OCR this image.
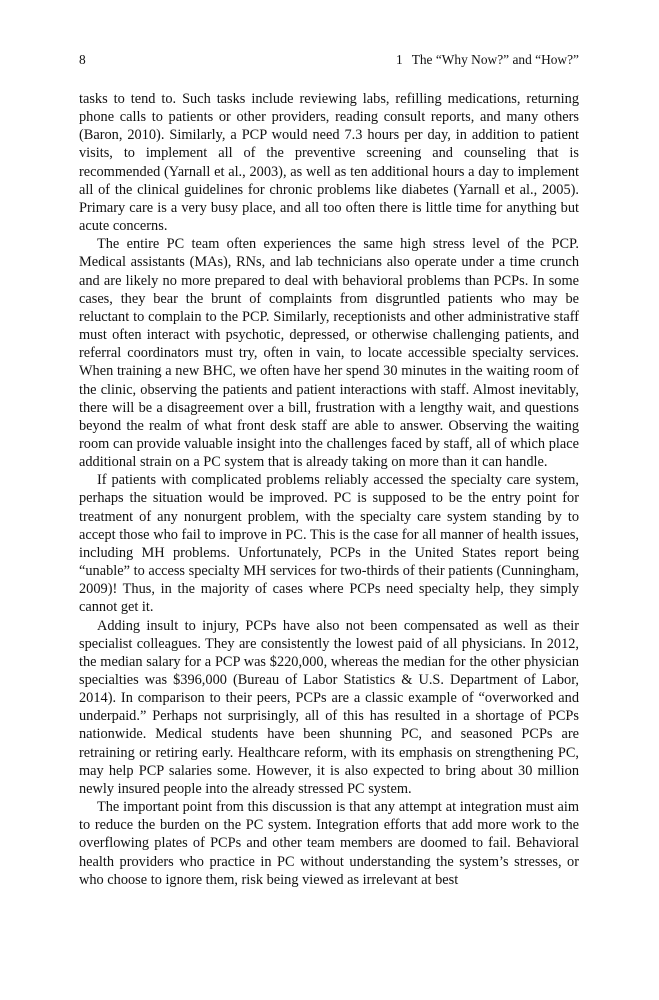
8	1 The “Why Now?” and “How?”

tasks to tend to. Such tasks include reviewing labs, refilling medications, returning phone calls to patients or other providers, reading consult reports, and many others (Baron, 2010). Similarly, a PCP would need 7.3 hours per day, in addition to patient visits, to implement all of the preventive screening and counseling that is recommended (Yarnall et al., 2003), as well as ten additional hours a day to implement all of the clinical guidelines for chronic problems like diabetes (Yarnall et al., 2005). Primary care is a very busy place, and all too often there is little time for anything but acute concerns.

The entire PC team often experiences the same high stress level of the PCP. Medical assistants (MAs), RNs, and lab technicians also operate under a time crunch and are likely no more prepared to deal with behavioral problems than PCPs. In some cases, they bear the brunt of complaints from disgruntled patients who may be reluctant to complain to the PCP. Similarly, receptionists and other administrative staff must often interact with psychotic, depressed, or otherwise challenging patients, and referral coordinators must try, often in vain, to locate accessible specialty services. When training a new BHC, we often have her spend 30 minutes in the waiting room of the clinic, observing the patients and patient interactions with staff. Almost inevitably, there will be a disagreement over a bill, frustration with a lengthy wait, and questions beyond the realm of what front desk staff are able to answer. Observing the waiting room can provide valuable insight into the challenges faced by staff, all of which place additional strain on a PC system that is already taking on more than it can handle.

If patients with complicated problems reliably accessed the specialty care system, perhaps the situation would be improved. PC is supposed to be the entry point for treatment of any nonurgent problem, with the specialty care system standing by to accept those who fail to improve in PC. This is the case for all manner of health issues, including MH problems. Unfortunately, PCPs in the United States report being “unable” to access specialty MH services for two-thirds of their patients (Cunningham, 2009)! Thus, in the majority of cases where PCPs need specialty help, they simply cannot get it.

Adding insult to injury, PCPs have also not been compensated as well as their specialist colleagues. They are consistently the lowest paid of all physicians. In 2012, the median salary for a PCP was $220,000, whereas the median for the other physician specialties was $396,000 (Bureau of Labor Statistics & U.S. Department of Labor, 2014). In comparison to their peers, PCPs are a classic example of “overworked and underpaid.” Perhaps not surprisingly, all of this has resulted in a shortage of PCPs nationwide. Medical students have been shunning PC, and seasoned PCPs are retraining or retiring early. Healthcare reform, with its emphasis on strengthening PC, may help PCP salaries some. However, it is also expected to bring about 30 million newly insured people into the already stressed PC system.

The important point from this discussion is that any attempt at integration must aim to reduce the burden on the PC system. Integration efforts that add more work to the overflowing plates of PCPs and other team members are doomed to fail. Behavioral health providers who practice in PC without understanding the system’s stresses, or who choose to ignore them, risk being viewed as irrelevant at best
